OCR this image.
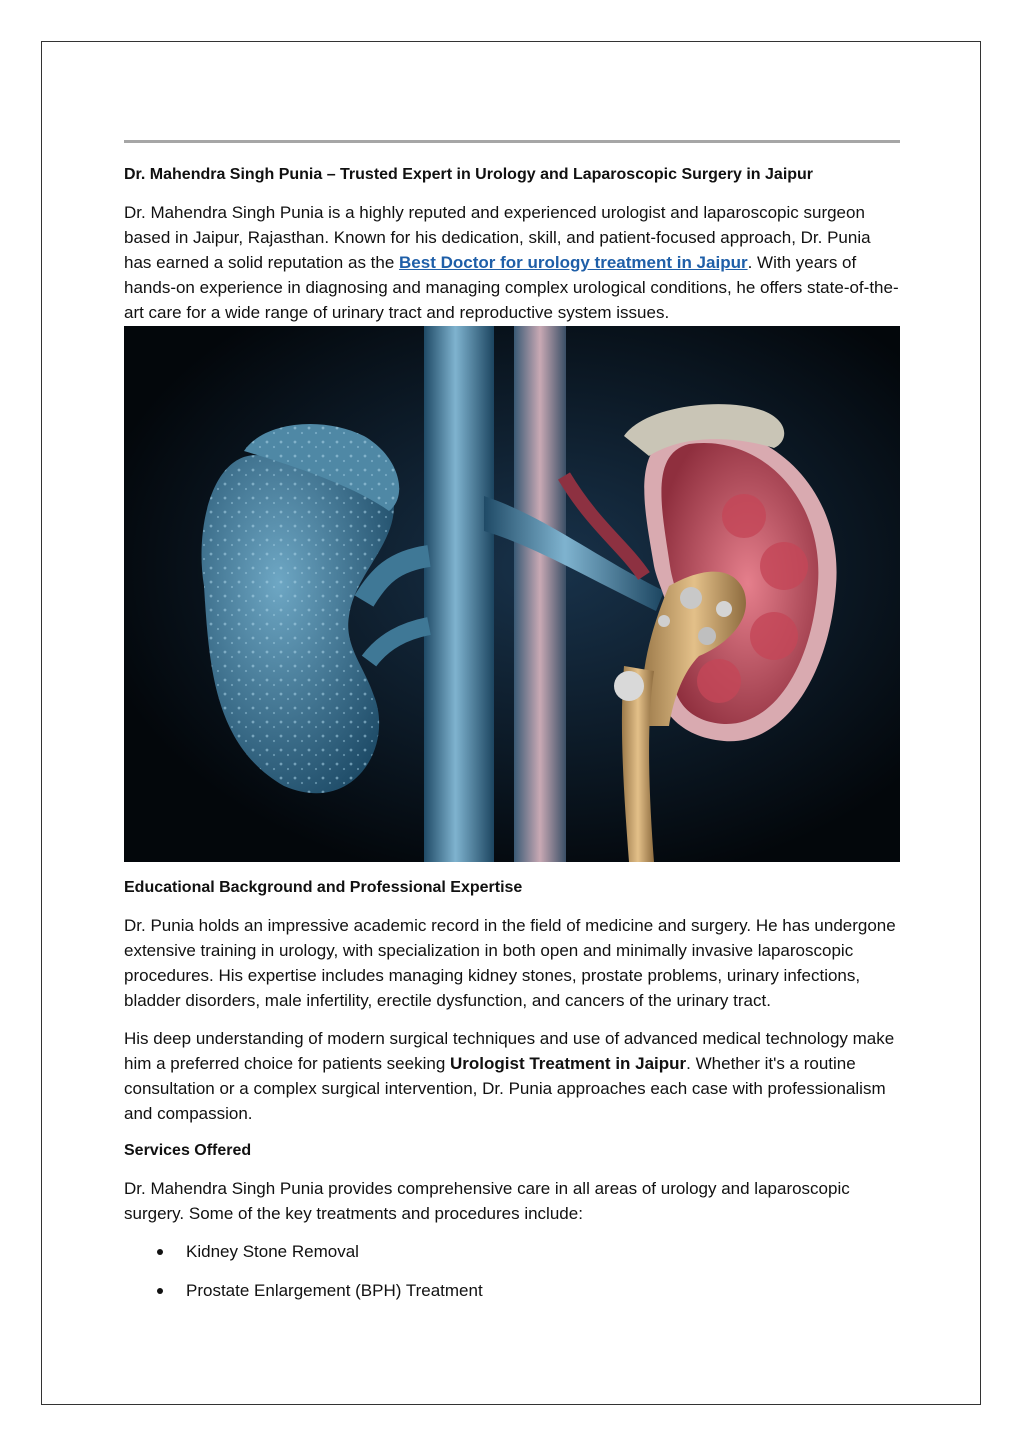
Dr. Mahendra Singh Punia – Trusted Expert in Urology and Laparoscopic Surgery in Jaipur

Dr. Mahendra Singh Punia is a highly reputed and experienced urologist and laparoscopic surgeon based in Jaipur, Rajasthan. Known for his dedication, skill, and patient-focused approach, Dr. Punia has earned a solid reputation as the Best Doctor for urology treatment in Jaipur. With years of hands-on experience in diagnosing and managing complex urological conditions, he offers state-of-the-art care for a wide range of urinary tract and reproductive system issues.

Educational Background and Professional Expertise

Dr. Punia holds an impressive academic record in the field of medicine and surgery. He has undergone extensive training in urology, with specialization in both open and minimally invasive laparoscopic procedures. His expertise includes managing kidney stones, prostate problems, urinary infections, bladder disorders, male infertility, erectile dysfunction, and cancers of the urinary tract.

His deep understanding of modern surgical techniques and use of advanced medical technology make him a preferred choice for patients seeking Urologist Treatment in Jaipur. Whether it's a routine consultation or a complex surgical intervention, Dr. Punia approaches each case with professionalism and compassion.

Services Offered

Dr. Mahendra Singh Punia provides comprehensive care in all areas of urology and laparoscopic surgery. Some of the key treatments and procedures include:

Kidney Stone Removal
Prostate Enlargement (BPH) Treatment
